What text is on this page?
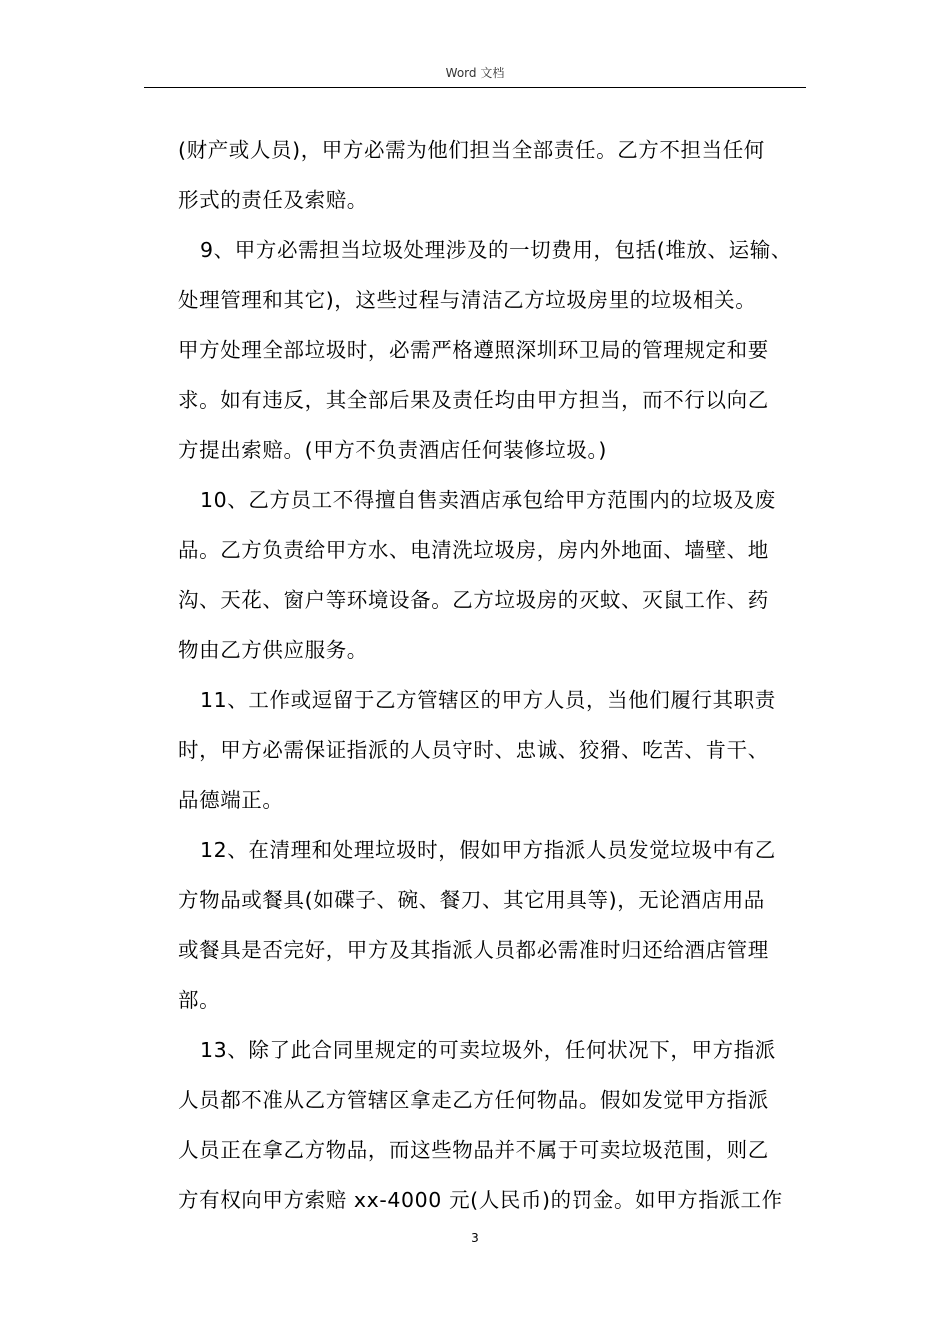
Word 文档

(财产或人员)，甲方必需为他们担当全部责任。乙方不担当任何

形式的责任及索赔。

9、甲方必需担当垃圾处理涉及的一切费用，包括(堆放、运输、

处理管理和其它)，这些过程与清洁乙方垃圾房里的垃圾相关。

甲方处理全部垃圾时，必需严格遵照深圳环卫局的管理规定和要

求。如有违反，其全部后果及责任均由甲方担当，而不行以向乙

方提出索赔。(甲方不负责酒店任何装修垃圾。)

10、乙方员工不得擅自售卖酒店承包给甲方范围内的垃圾及废

品。乙方负责给甲方水、电清洗垃圾房，房内外地面、墙壁、地

沟、天花、窗户等环境设备。乙方垃圾房的灭蚊、灭鼠工作、药

物由乙方供应服务。

11、工作或逗留于乙方管辖区的甲方人员，当他们履行其职责

时，甲方必需保证指派的人员守时、忠诚、狡猾、吃苦、肯干、

品德端正。

12、在清理和处理垃圾时，假如甲方指派人员发觉垃圾中有乙

方物品或餐具(如碟子、碗、餐刀、其它用具等)，无论酒店用品

或餐具是否完好，甲方及其指派人员都必需准时归还给酒店管理

部。

13、除了此合同里规定的可卖垃圾外，任何状况下，甲方指派

人员都不准从乙方管辖区拿走乙方任何物品。假如发觉甲方指派

人员正在拿乙方物品，而这些物品并不属于可卖垃圾范围，则乙

方有权向甲方索赔 xx-4000 元(人民币)的罚金。如甲方指派工作

3
